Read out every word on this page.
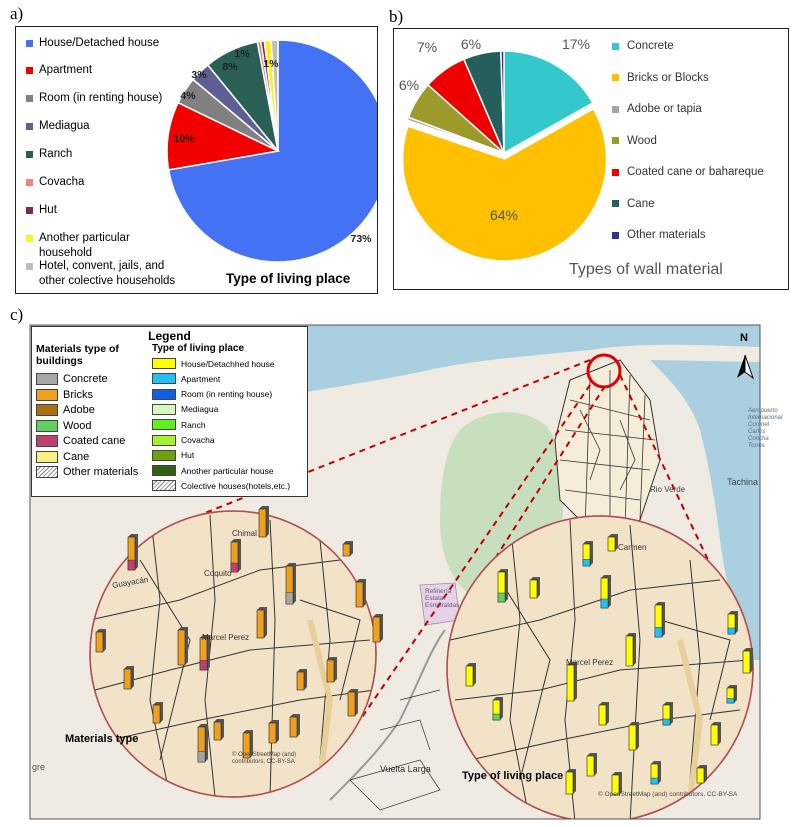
a)	b)
c)
73%
10%
4%
3%
8%
1%
1%
House/Detached house
Apartment
Room (in renting house)
Mediagua
Ranch
Covacha
Hut
Another particular household
Hotel, convent, jails, and other colective households	Type of living place
17%
64%
6%
7% 6%	Concrete
Bricks or Blocks
Adobe or tapia
Wood
Coated cane or bahareque
Cane
Other materials
Types of wall material
N
Materials type
Type of living place
Tachina
Rio Verde
Vuelta Larga
Refinería Estatal Esmeraldas
Aeropuerto Internacional Coronel Carlos Concha Torres
gre
Guayacán
Chimal
Coquito
Marcel Perez
Marcel Perez
Carmen
© OpenStreetMap (and) contributors, CC-BY-SA
© OpenStreetMap (and) contributors, CC-BY-SA
Legend
Materials type of buildings
Type of living place
Concrete
Bricks
Adobe
Wood
Coated cane
Cane
Other materials
House/Detachhed house
Apartment
Room (in renting house)
Mediagua
Ranch
Covacha
Hut
Another particular house
Colective houses(hotels,etc.)
